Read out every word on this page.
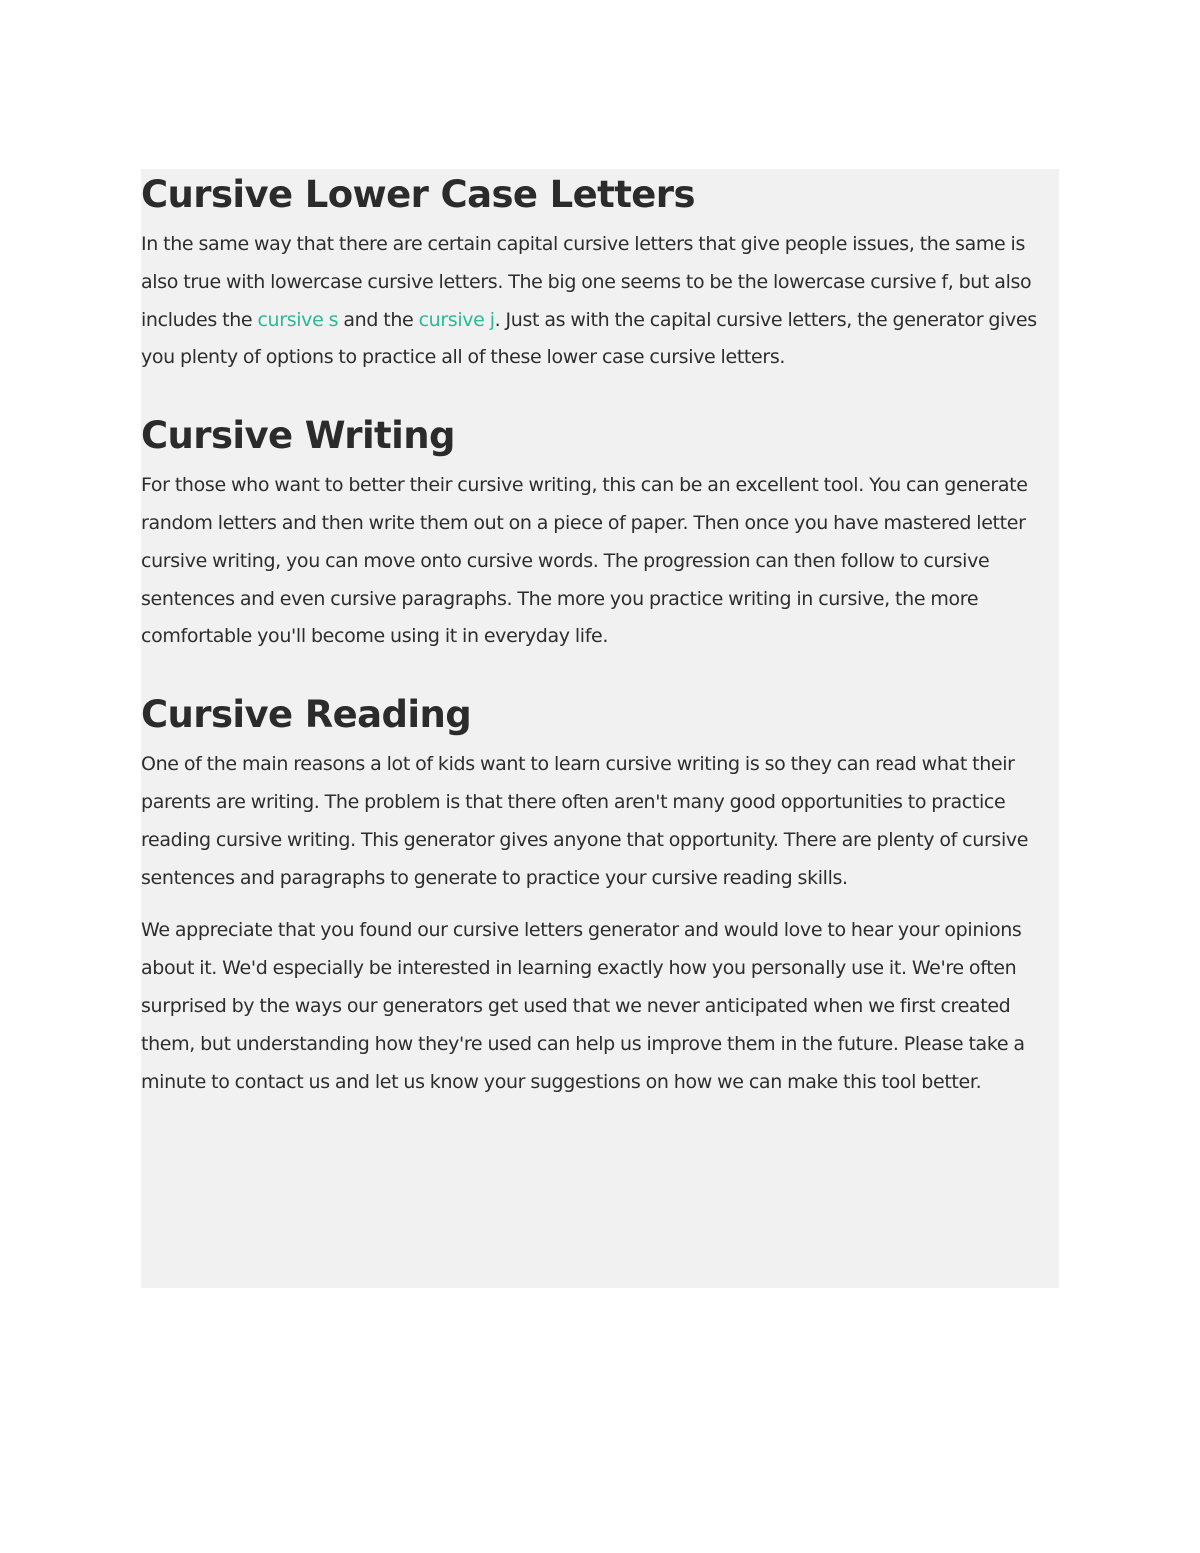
Cursive Lower Case Letters

In the same way that there are certain capital cursive letters that give people issues, the same is also true with lowercase cursive letters. The big one seems to be the lowercase cursive f, but also includes the cursive s and the cursive j. Just as with the capital cursive letters, the generator gives you plenty of options to practice all of these lower case cursive letters.

Cursive Writing

For those who want to better their cursive writing, this can be an excellent tool. You can generate random letters and then write them out on a piece of paper. Then once you have mastered letter cursive writing, you can move onto cursive words. The progression can then follow to cursive sentences and even cursive paragraphs. The more you practice writing in cursive, the more comfortable you'll become using it in everyday life.

Cursive Reading

One of the main reasons a lot of kids want to learn cursive writing is so they can read what their parents are writing. The problem is that there often aren't many good opportunities to practice reading cursive writing. This generator gives anyone that opportunity. There are plenty of cursive sentences and paragraphs to generate to practice your cursive reading skills.

We appreciate that you found our cursive letters generator and would love to hear your opinions about it. We'd especially be interested in learning exactly how you personally use it. We're often surprised by the ways our generators get used that we never anticipated when we first created them, but understanding how they're used can help us improve them in the future. Please take a minute to contact us and let us know your suggestions on how we can make this tool better.
